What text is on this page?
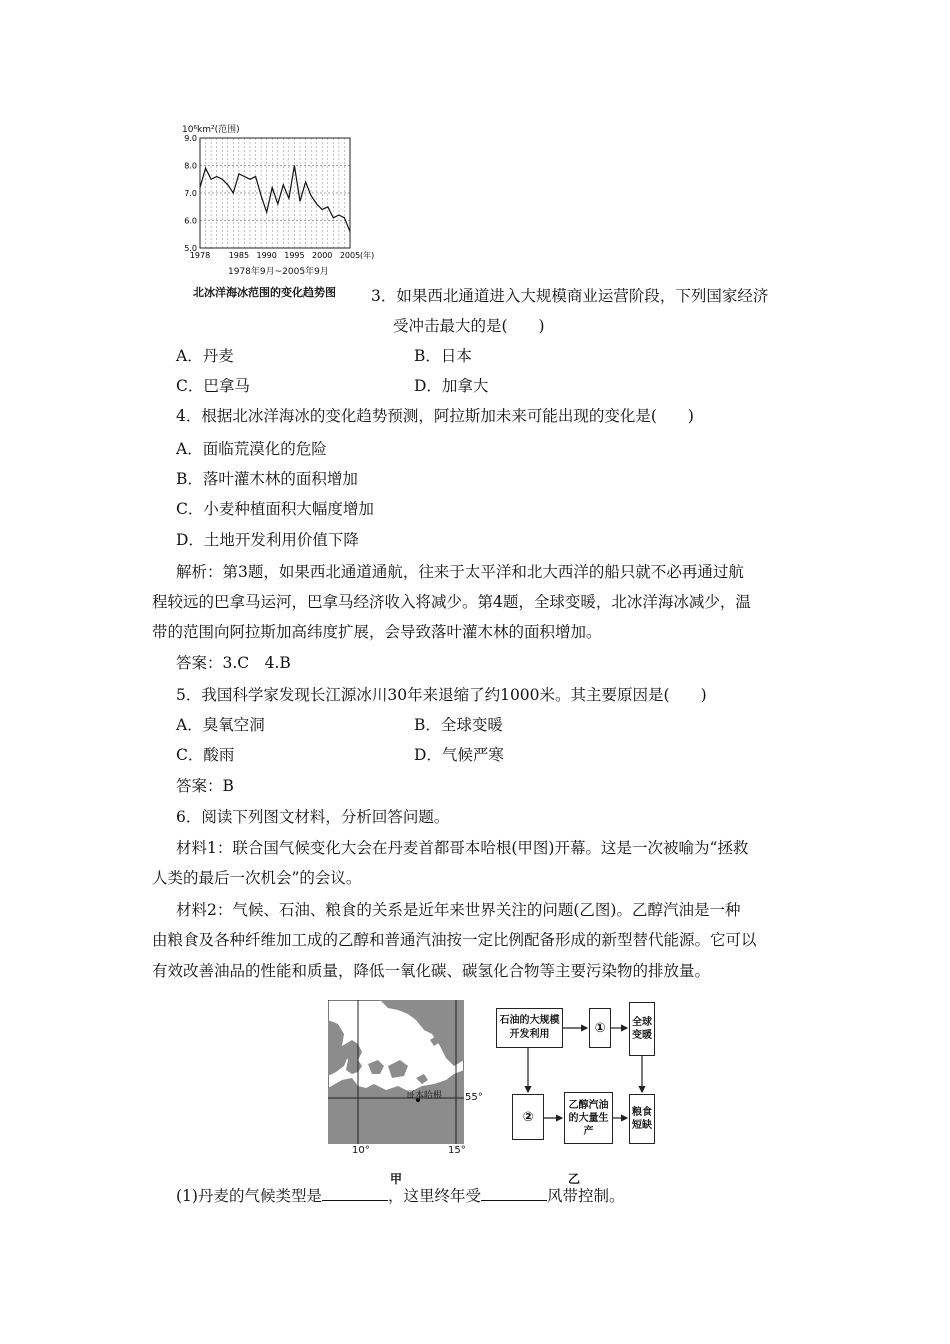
10⁶km²(范围)
5.0
6.0
7.0
8.0
9.0
1978 1985 1990 1995 2000 2005 (年)
1978年9月~2005年9月
北冰洋海冰范围的变化趋势图 3．如果西北通道进入大规模商业运营阶段，下列国家经济
受冲击最大的是(　　)
A．丹麦	B．日本
C．巴拿马	D．加拿大
4．根据北冰洋海冰的变化趋势预测，阿拉斯加未来可能出现的变化是(　　)
A．面临荒漠化的危险
B．落叶灌木林的面积增加
C．小麦种植面积大幅度增加
D．土地开发利用价值下降
解析：第3题，如果西北通道通航，往来于太平洋和北大西洋的船只就不必再通过航
程较远的巴拿马运河，巴拿马经济收入将减少。第4题，全球变暖，北冰洋海冰减少，温
带的范围向阿拉斯加高纬度扩展，会导致落叶灌木林的面积增加。
答案：3.C　4.B
5．我国科学家发现长江源冰川30年来退缩了约1000米。其主要原因是(　　)
A．臭氧空洞	B．全球变暖
C．酸雨	D．气候严寒
答案：B
6．阅读下列图文材料，分析回答问题。
材料1：联合国气候变化大会在丹麦首都哥本哈根(甲图)开幕。这是一次被喻为“拯救
人类的最后一次机会”的会议。
材料2：气候、石油、粮食的关系是近年来世界关注的问题(乙图)。乙醇汽油是一种
由粮食及各种纤维加工成的乙醇和普通汽油按一定比例配备形成的新型替代能源。它可以
有效改善油品的性能和质量，降低一氧化碳、碳氢化合物等主要污染物的排放量。
哥本哈根 55°
10°	15°
甲
石油的大规模开发利用	①	全球变暖
②
乙醇汽油的大量生产
粮食短缺
乙
(1)丹麦的气候类型是	，这里终年受	风带控制。
